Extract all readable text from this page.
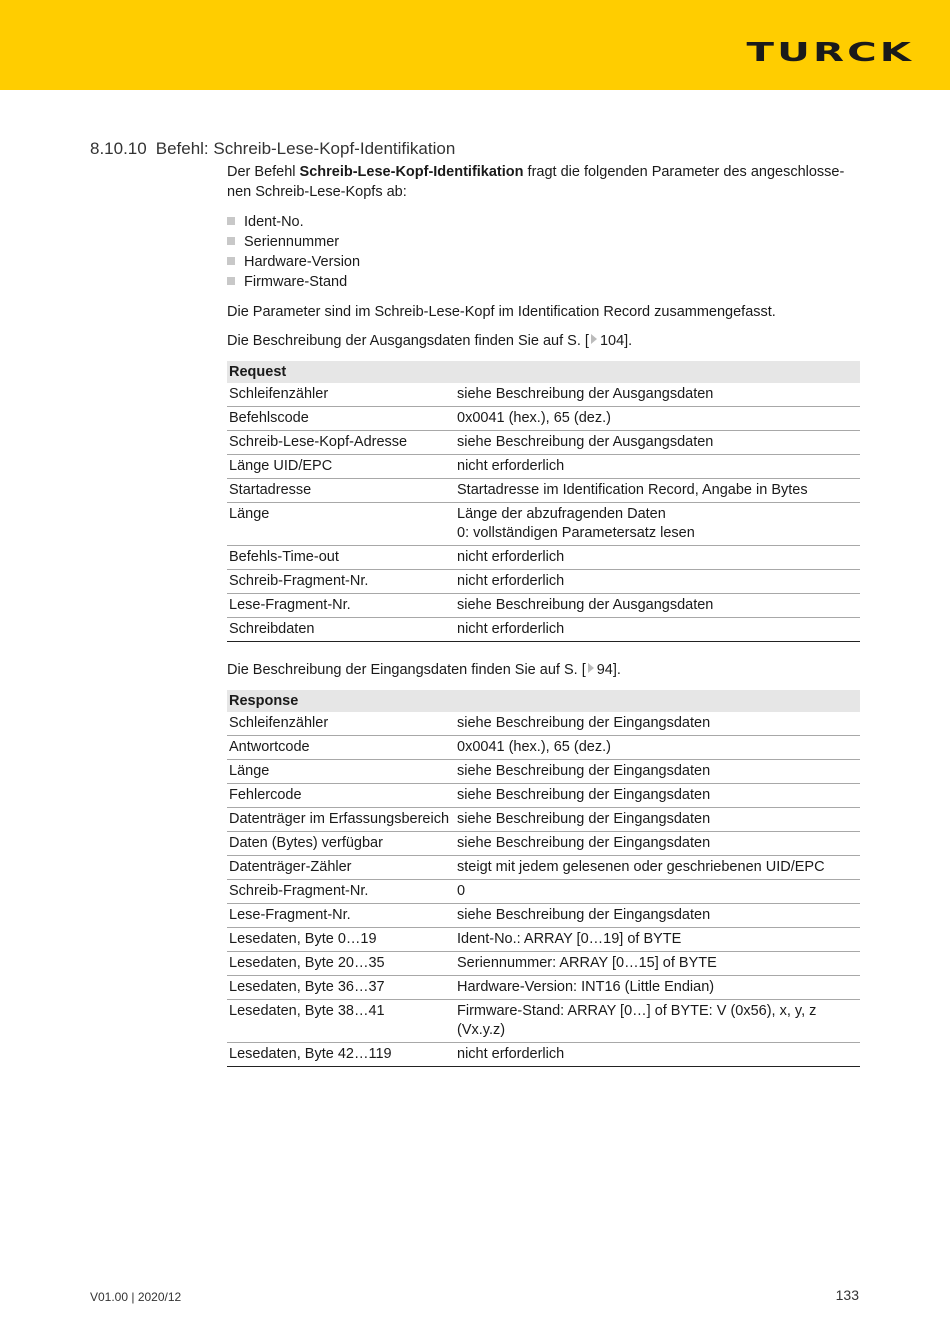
TURCK
8.10.10 Befehl: Schreib-Lese-Kopf-Identifikation

Der Befehl Schreib-Lese-Kopf-Identifikation fragt die folgenden Parameter des angeschlosse-nen Schreib-Lese-Kopfs ab:

Ident-No.
Seriennummer
Hardware-Version
Firmware-Stand

Die Parameter sind im Schreib-Lese-Kopf im Identification Record zusammengefasst.

Die Beschreibung der Ausgangsdaten finden Sie auf S. [ 104].

Request	
Schleifenzähler	siehe Beschreibung der Ausgangsdaten

Befehlscode	0x0041 (hex.), 65 (dez.)

Schreib-Lese-Kopf-Adresse	siehe Beschreibung der Ausgangsdaten

Länge UID/EPC	nicht erforderlich

Startadresse	Startadresse im Identification Record, Angabe in Bytes

Länge	Länge der abzufragenden Daten
0: vollständigen Parametersatz lesen

Befehls-Time-out	nicht erforderlich

Schreib-Fragment-Nr.	nicht erforderlich

Lese-Fragment-Nr.	siehe Beschreibung der Ausgangsdaten

Schreibdaten	nicht erforderlich

Die Beschreibung der Eingangsdaten finden Sie auf S. [ 94].

Response	
Schleifenzähler	siehe Beschreibung der Eingangsdaten

Antwortcode	0x0041 (hex.), 65 (dez.)

Länge	siehe Beschreibung der Eingangsdaten

Fehlercode	siehe Beschreibung der Eingangsdaten

Datenträger im Erfassungsbereich	siehe Beschreibung der Eingangsdaten

Daten (Bytes) verfügbar	siehe Beschreibung der Eingangsdaten

Datenträger-Zähler	steigt mit jedem gelesenen oder geschriebenen UID/EPC

Schreib-Fragment-Nr.	0

Lese-Fragment-Nr.	siehe Beschreibung der Eingangsdaten

Lesedaten, Byte 0…19	Ident-No.: ARRAY [0…19] of BYTE

Lesedaten, Byte 20…35	Seriennummer: ARRAY [0…15] of BYTE

Lesedaten, Byte 36…37	Hardware-Version: INT16 (Little Endian)

Lesedaten, Byte 38…41	Firmware-Stand: ARRAY [0…] of BYTE: V (0x56), x, y, z (Vx.y.z)

Lesedaten, Byte 42…119	nicht erforderlich
V01.00 | 2020/12	133
